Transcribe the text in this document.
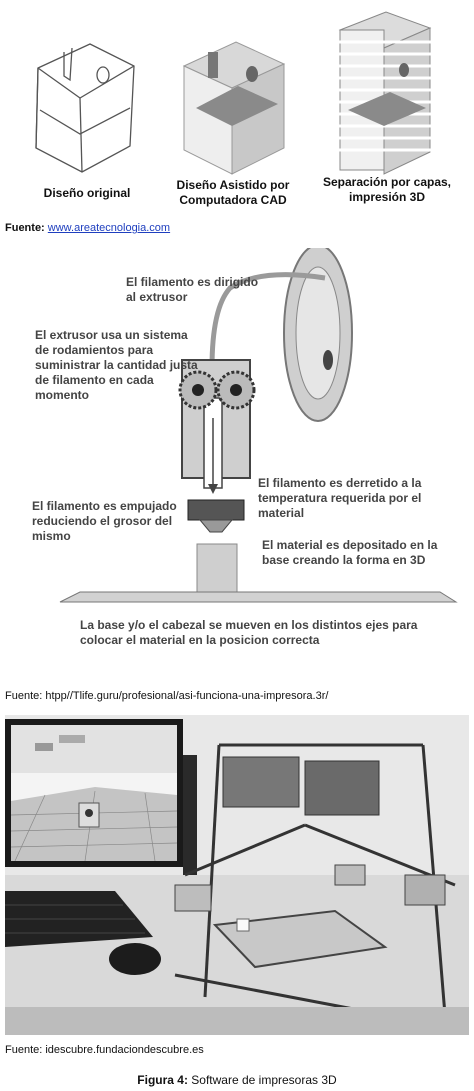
Diseño original
Diseño Asistido por Computadora CAD
Separación por capas, impresión 3D
Fuente: www.areatecnologia.com
El filamento es dirigido al extrusor
El extrusor usa un sistema de rodamientos para suministrar la cantidad justa de filamento en cada momento
El filamento es derretido a la temperatura requerida por el material
El filamento es empujado reduciendo el grosor del mismo
El material es depositado en la base creando la forma en 3D
La base y/o el cabezal se mueven en los distintos ejes para colocar el material en la posicion correcta
Fuente: htpp//Tlife.guru/profesional/asi-funciona-una-impresora.3r/
Fuente: idescubre.fundaciondescubre.es
Figura 4: Software de impresoras 3D
